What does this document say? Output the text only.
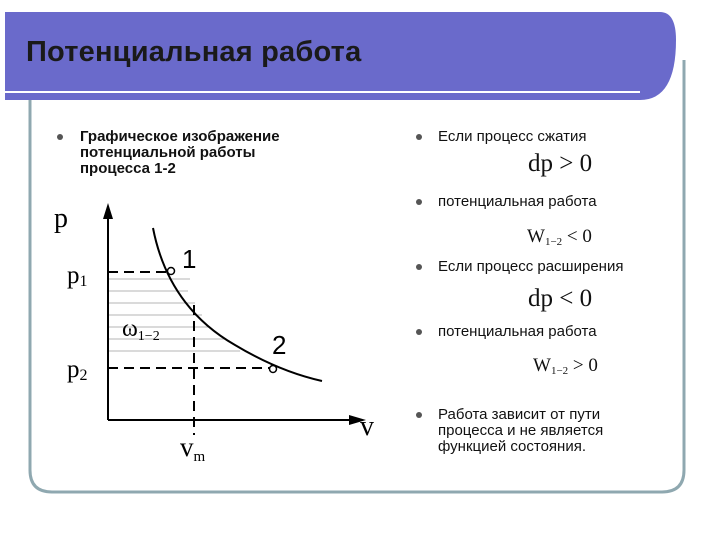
Потенциальная работа
Графическое изображение
потенциальной работы
процесса 1-2
p
v
p1
p2
vm
ω1−2
1
2
Если процесс сжатия
dp > 0
потенциальная работа
$W_{1-2} < 0$
Если процесс расширения
dp < 0
потенциальная работа
$W_{1-2} > 0$
Работа зависит от пути
процесса и не является
функцией состояния.
